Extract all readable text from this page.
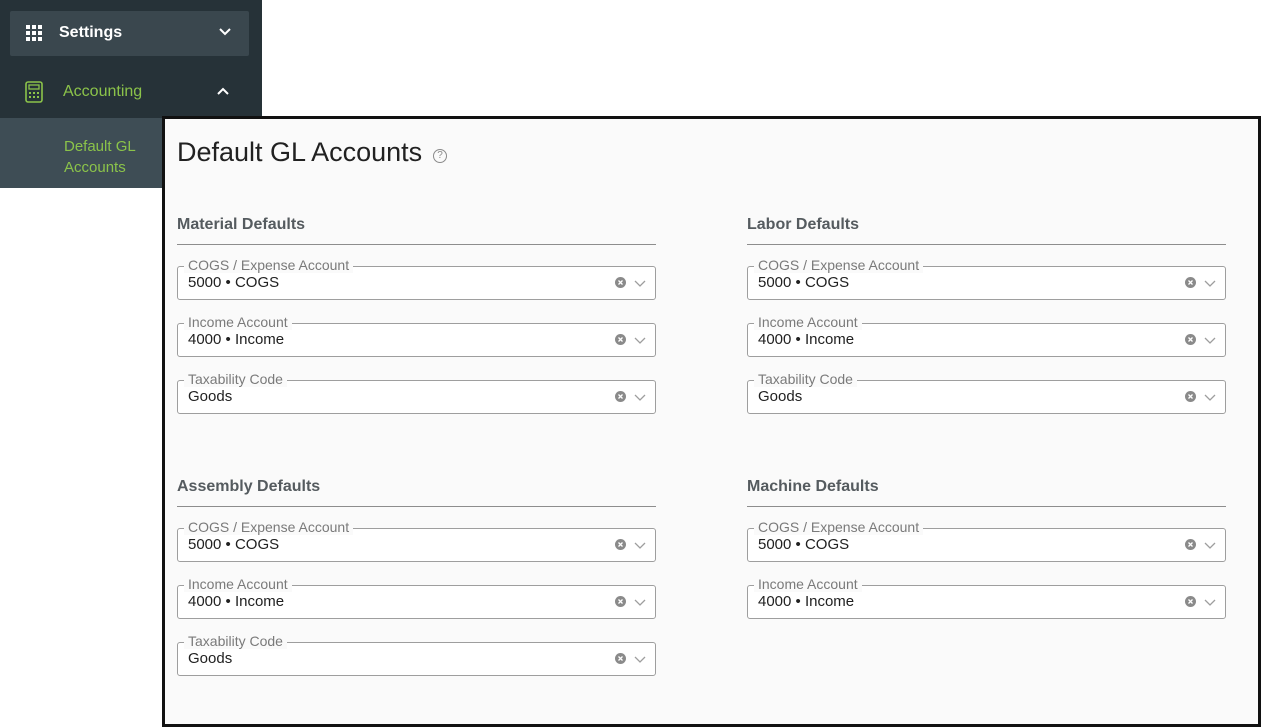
Settings
Accounting
Default GL Accounts
Default GL Accounts	?
Material Defaults
COGS / Expense Account
5000 • COGS
Income Account
4000 • Income
Taxability Code
Goods
Labor Defaults
COGS / Expense Account
5000 • COGS
Income Account
4000 • Income
Taxability Code
Goods
Assembly Defaults
COGS / Expense Account
5000 • COGS
Income Account
4000 • Income
Taxability Code
Goods
Machine Defaults
COGS / Expense Account
5000 • COGS
Income Account
4000 • Income
